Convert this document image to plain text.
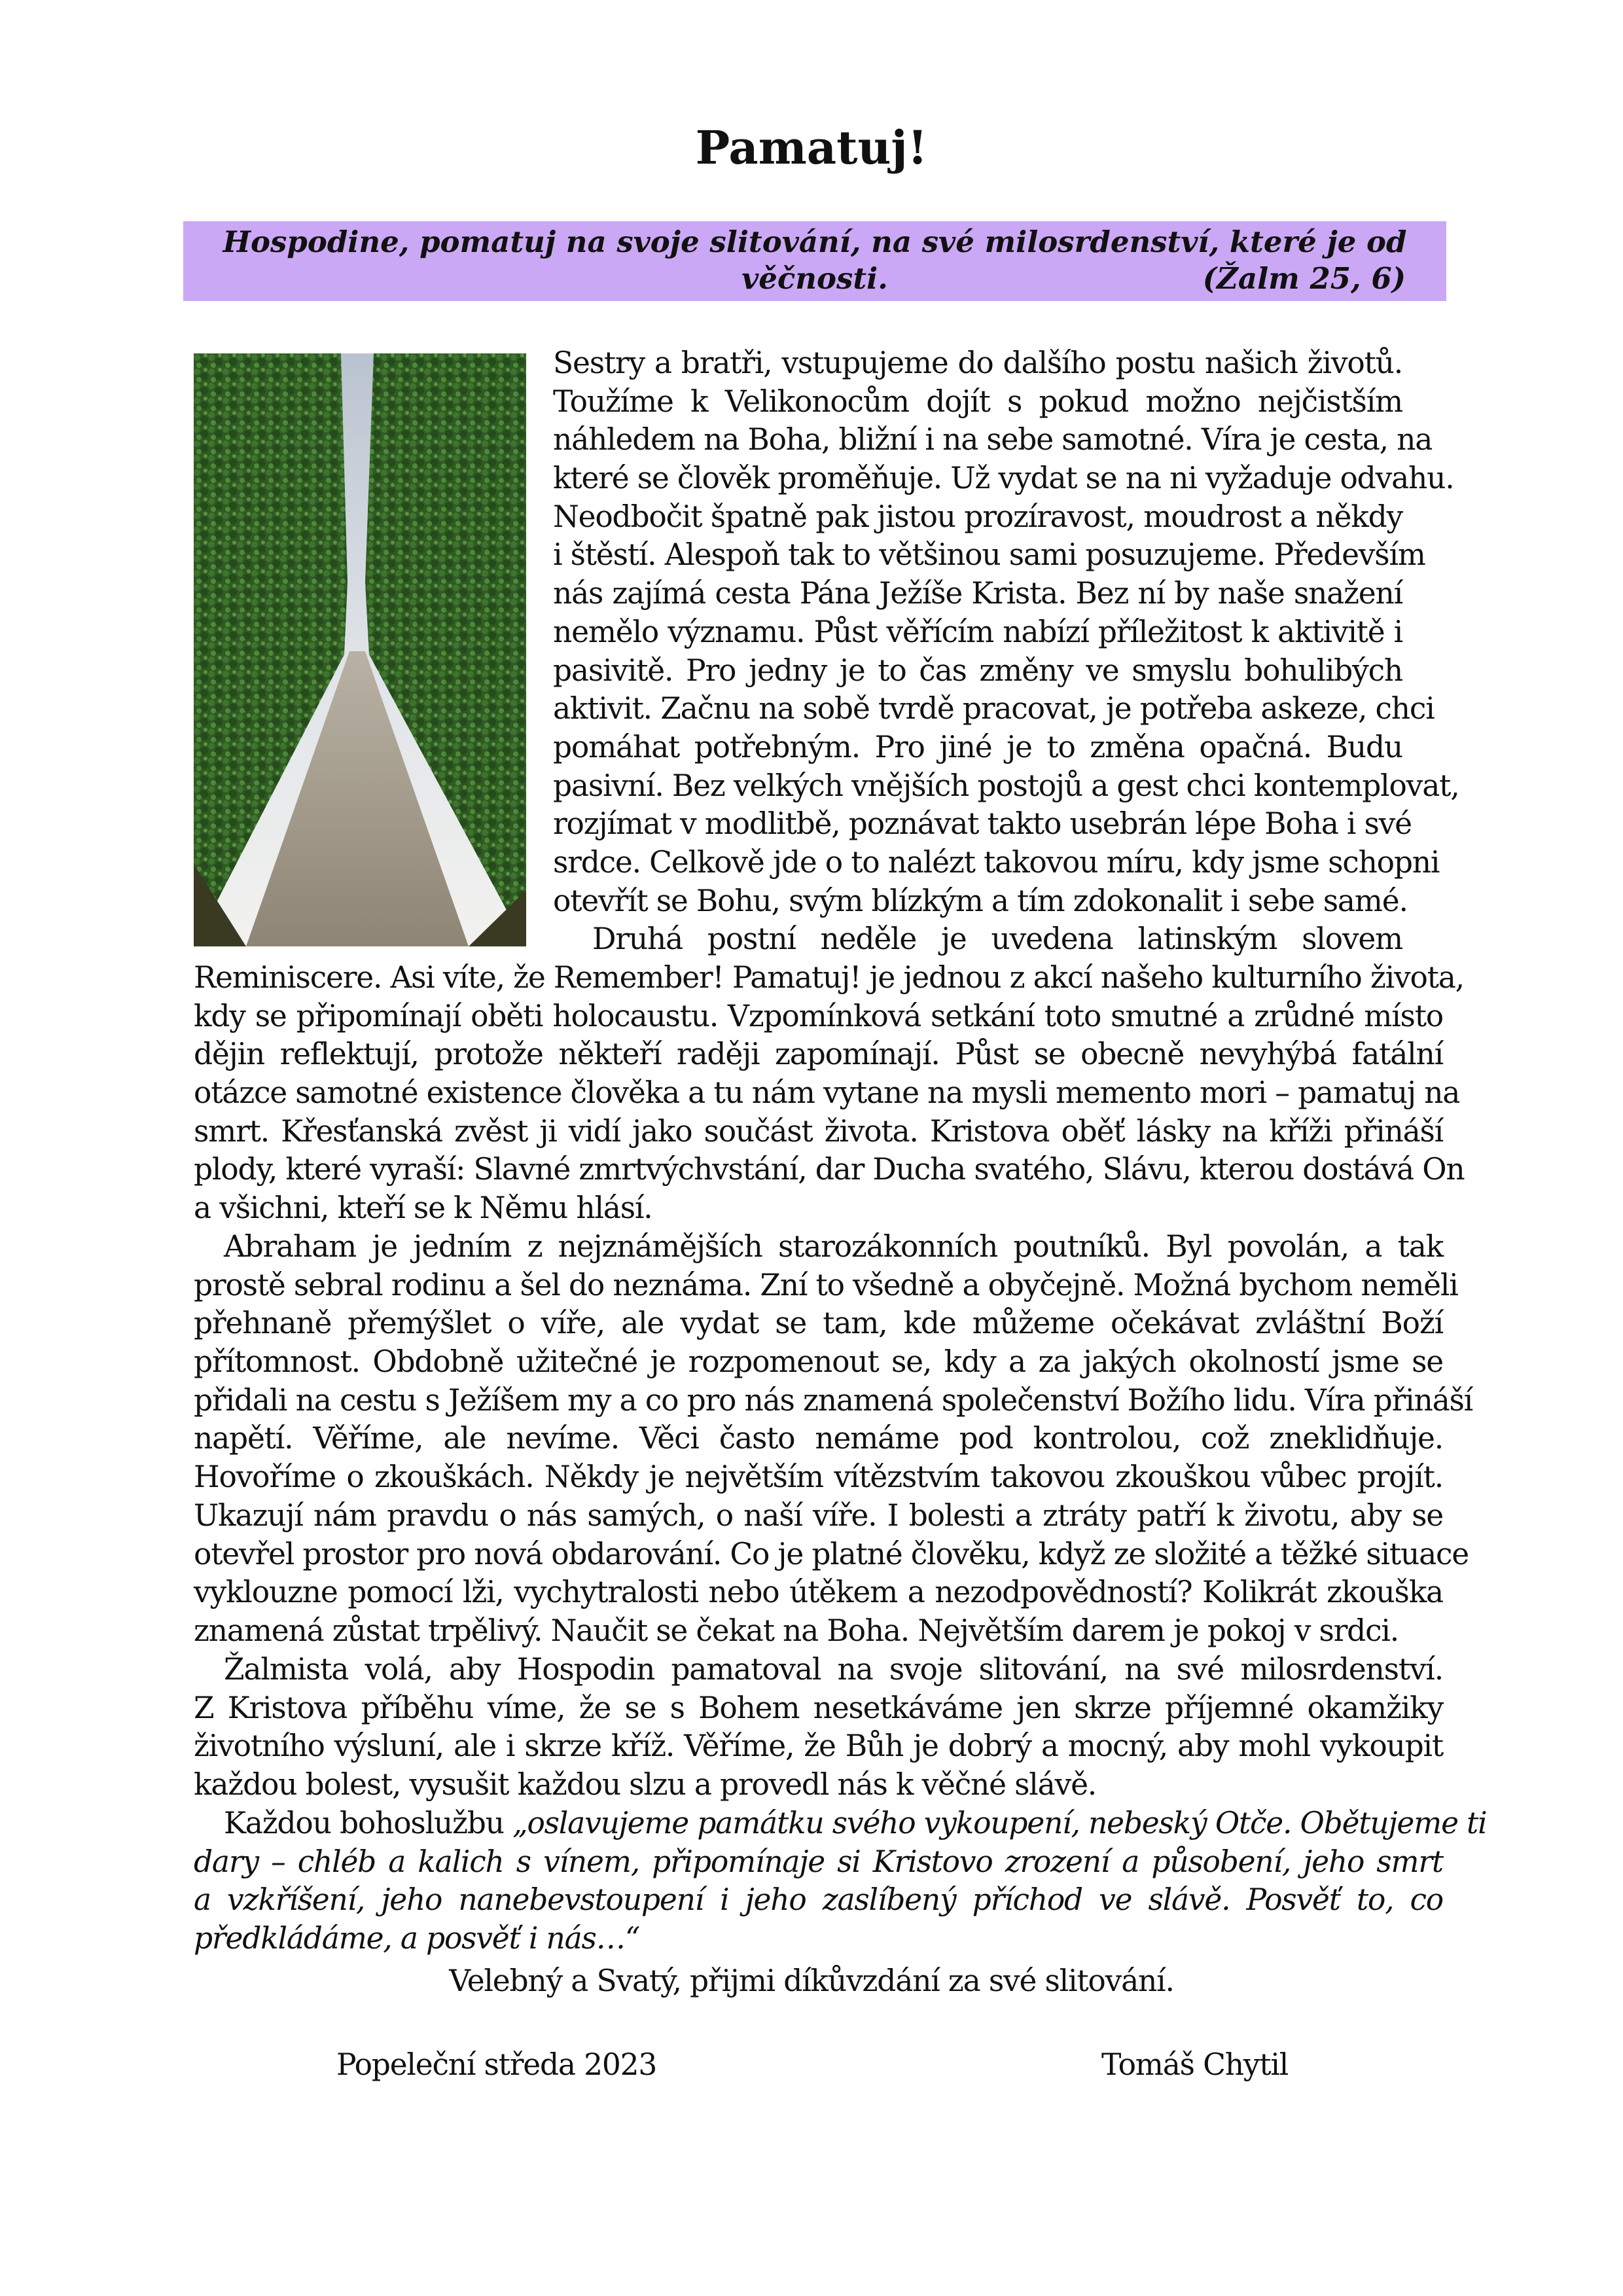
Pamatuj!
Hospodine, pomatuj na svoje slitování, na své milosrdenství, které je od věčnosti.	(Žalm 25, 6)
Sestry a bratři, vstupujeme do dalšího postu našich životů.
Toužíme k Velikonocům dojít s pokud možno nejčistším
náhledem na Boha, bližní i na sebe samotné. Víra je cesta, na
které se člověk proměňuje. Už vydat se na ni vyžaduje odvahu.
Neodbočit špatně pak jistou prozíravost, moudrost a někdy
i štěstí. Alespoň tak to většinou sami posuzujeme. Především
nás zajímá cesta Pána Ježíše Krista. Bez ní by naše snažení
nemělo významu. Půst věřícím nabízí příležitost k aktivitě i
pasivitě. Pro jedny je to čas změny ve smyslu bohulibých
aktivit. Začnu na sobě tvrdě pracovat, je potřeba askeze, chci
pomáhat potřebným. Pro jiné je to změna opačná. Budu
pasivní. Bez velkých vnějších postojů a gest chci kontemplovat,
rozjímat v modlitbě, poznávat takto usebrán lépe Boha i své
srdce. Celkově jde o to nalézt takovou míru, kdy jsme schopni
otevřít se Bohu, svým blízkým a tím zdokonalit i sebe samé.
Druhá postní neděle je uvedena latinským slovem
Reminiscere. Asi víte, že Remember! Pamatuj! je jednou z akcí našeho kulturního života,
kdy se připomínají oběti holocaustu. Vzpomínková setkání toto smutné a zrůdné místo
dějin reflektují, protože někteří raději zapomínají. Půst se obecně nevyhýbá fatální
otázce samotné existence člověka a tu nám vytane na mysli memento mori – pamatuj na
smrt. Křesťanská zvěst ji vidí jako součást života. Kristova oběť lásky na kříži přináší
plody, které vyraší: Slavné zmrtvýchvstání, dar Ducha svatého, Slávu, kterou dostává On
a všichni, kteří se k Němu hlásí.
Abraham je jedním z nejznámějších starozákonních poutníků. Byl povolán, a tak
prostě sebral rodinu a šel do neznáma. Zní to všedně a obyčejně. Možná bychom neměli
přehnaně přemýšlet o víře, ale vydat se tam, kde můžeme očekávat zvláštní Boží
přítomnost. Obdobně užitečné je rozpomenout se, kdy a za jakých okolností jsme se
přidali na cestu s Ježíšem my a co pro nás znamená společenství Božího lidu. Víra přináší
napětí. Věříme, ale nevíme. Věci často nemáme pod kontrolou, což zneklidňuje.
Hovoříme o zkouškách. Někdy je největším vítězstvím takovou zkouškou vůbec projít.
Ukazují nám pravdu o nás samých, o naší víře. I bolesti a ztráty patří k životu, aby se
otevřel prostor pro nová obdarování. Co je platné člověku, když ze složité a těžké situace
vyklouzne pomocí lži, vychytralosti nebo útěkem a nezodpovědností? Kolikrát zkouška
znamená zůstat trpělivý. Naučit se čekat na Boha. Největším darem je pokoj v srdci.
Žalmista volá, aby Hospodin pamatoval na svoje slitování, na své milosrdenství.
Z Kristova příběhu víme, že se s Bohem nesetkáváme jen skrze příjemné okamžiky
životního výsluní, ale i skrze kříž. Věříme, že Bůh je dobrý a mocný, aby mohl vykoupit
každou bolest, vysušit každou slzu a provedl nás k věčné slávě.
Každou bohoslužbu „oslavujeme památku svého vykoupení, nebeský Otče. Obětujeme ti
dary – chléb a kalich s vínem, připomínaje si Kristovo zrození a působení, jeho smrt
a vzkříšení, jeho nanebevstoupení i jeho zaslíbený příchod ve slávě. Posvěť to, co
předkládáme, a posvěť i nás…“
Velebný a Svatý, přijmi díkůvzdání za své slitování.
Popeleční středa 2023	Tomáš Chytil
